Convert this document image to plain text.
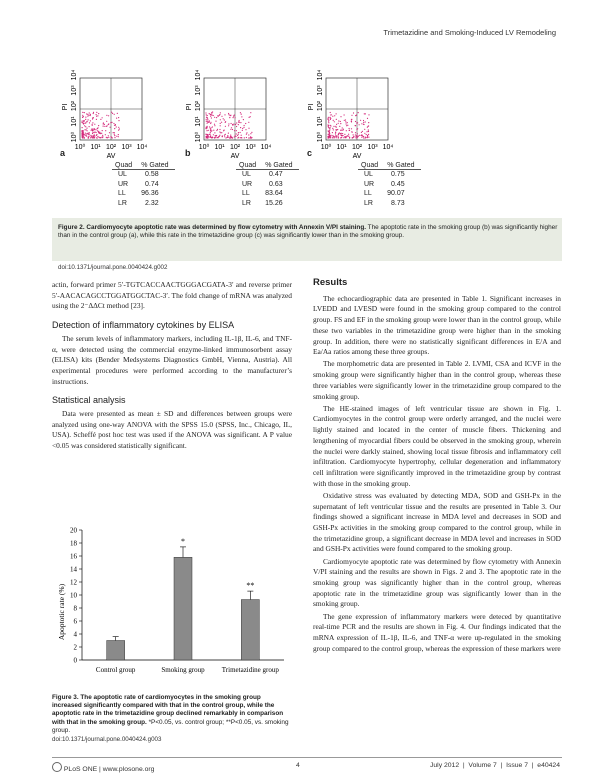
Trimetazidine and Smoking-Induced LV Remodeling
10⁰
10⁰
10¹
10¹
10²
10²
10³
10³
10⁴
10⁴
AV
PI
10⁰
10⁰
10¹
10¹
10²
10²
10³
10³
10⁴
10⁴
AV
PI
10⁰
10⁰
10¹
10¹
10²
10²
10³
10³
10⁴
10⁴
AV
PI
a	b	c
Quad	% Gated
UL	0.58
UR	0.74
LL	96.36
LR	2.32
Quad	% Gated
UL	0.47
UR	0.63
LL	83.64
LR	15.26
Quad	% Gated
UL	0.75
UR	0.45
LL	90.07
LR	8.73
Figure 2. Cardiomyocyte apoptotic rate was determined by flow cytometry with Annexin V/PI staining. The apoptotic rate in the smoking group (b) was significantly higher than in the control group (a), while this rate in the trimetazidine group (c) was significantly lower than in the smoking group.
doi:10.1371/journal.pone.0040424.g002

actin, forward primer 5′-TGTCACCAACTGGGACGATA-3′ and reverse primer 5′-AACACAGCCTGGATGGCTAC-3′. The fold change of mRNA was analyzed using the 2⁻ΔΔCt method [23].

Detection of inflammatory cytokines by ELISA

The serum levels of inflammatory markers, including IL-1β, IL-6, and TNF-α, were detected using the commercial enzyme-linked immunosorbent assay (ELISA) kits (Bender Medsystems Diagnostics GmbH, Vienna, Austria). All experimental procedures were performed according to the manufacturer’s instructions.

Statistical analysis

Data were presented as mean ± SD and differences between groups were analyzed using one-way ANOVA with the SPSS 15.0 (SPSS, Inc., Chicago, IL, USA). Scheffé post hoc test was used if the ANOVA was significant. A P value <0.05 was considered statistically significant.

Apoptotic rate (%)
0
2
4
6
8
10
12
14
16
18
20
Control group
*
Smoking group
**
Trimetazidine group
Figure 3. The apoptotic rate of cardiomyocytes in the smoking group increased significantly compared with that in the control group, while the apoptotic rate in the trimetazidine group declined remarkably in comparison with that in the smoking group. *P<0.05, vs. control group; **P<0.05, vs. smoking group.
doi:10.1371/journal.pone.0040424.g003
Results

The echocardiographic data are presented in Table 1. Significant increases in LVEDD and LVESD were found in the smoking group compared to the control group. FS and EF in the smoking group were lower than in the control group, while these two variables in the trimetazidine group were higher than in the smoking group. In addition, there were no statistically significant differences in E/A and Ea/Aa ratios among these three groups.

The morphometric data are presented in Table 2. LVMI, CSA and ICVF in the smoking group were significantly higher than in the control group, whereas these three variables were significantly lower in the trimetazidine group compared to the smoking group.

The HE-stained images of left ventricular tissue are shown in Fig. 1. Cardiomyocytes in the control group were orderly arranged, and the nuclei were lightly stained and located in the center of muscle fibers. Thickening and lengthening of myocardial fibers could be observed in the smoking group, wherein the nuclei were darkly stained, showing local tissue fibrosis and inflammatory cell infiltration. Cardiomyocyte hypertrophy, cellular degeneration and inflammatory cell infiltration were significantly improved in the trimetazidine group by contrast with those in the smoking group.

Oxidative stress was evaluated by detecting MDA, SOD and GSH-Px in the supernatant of left ventricular tissue and the results are presented in Table 3. Our findings showed a significant increase in MDA level and decreases in SOD and GSH-Px activities in the smoking group compared to the control group, while in the trimetazidine group, a significant decrease in MDA level and increases in SOD and GSH-Px activities were found compared to the smoking group.

Cardiomyocyte apoptotic rate was determined by flow cytometry with Annexin V/PI staining and the results are shown in Figs. 2 and 3. The apoptotic rate in the smoking group was significantly higher than in the control group, whereas apoptotic rate in the trimetazidine group was significantly lower than in the smoking group.

The gene expression of inflammatory markers were deteced by quantitative real-time PCR and the results are shown in Fig. 4. Our findings indicated that the mRNA expression of IL-1β, IL-6, and TNF-α were up-regulated in the smoking group compared to the control group, whereas the expression of these markers were

PLoS ONE | www.plosone.org
4	July 2012  |  Volume 7  |  Issue 7  |  e40424
